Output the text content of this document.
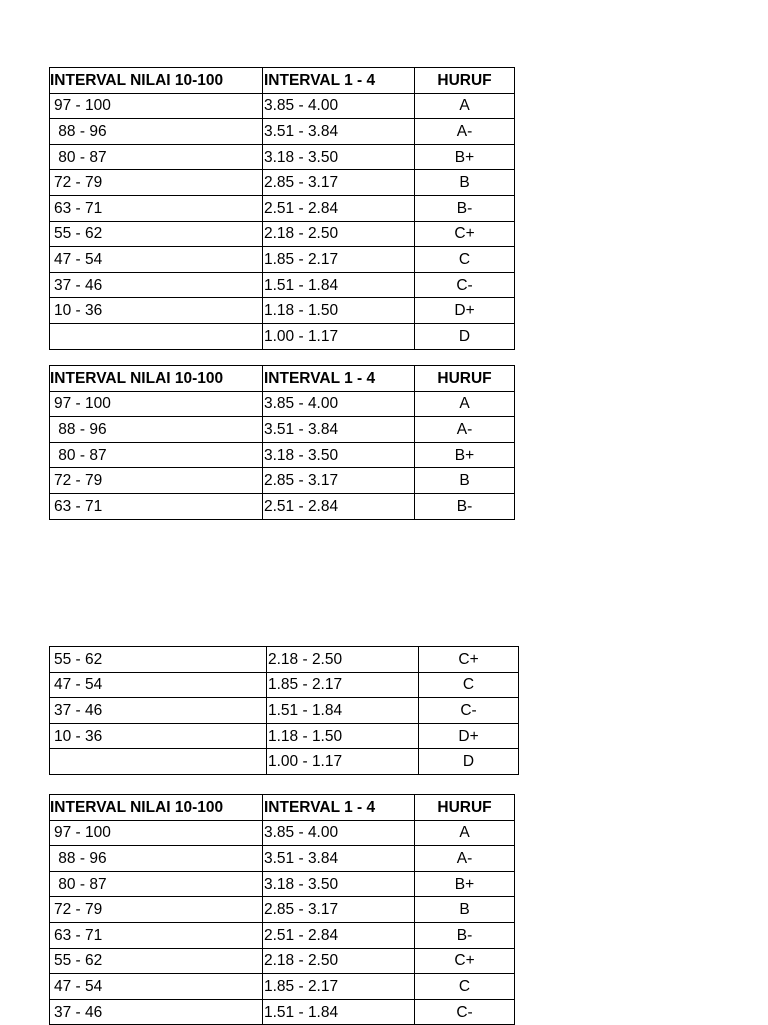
INTERVAL NILAI 10-100	INTERVAL 1 - 4	HURUF
97 - 100	3.85 - 4.00	A
88 - 96	3.51 - 3.84	A-
80 - 87	3.18 - 3.50	B+
72 - 79	2.85 - 3.17	B
63 - 71	2.51 - 2.84	B-
55 - 62	2.18 - 2.50	C+
47 - 54	1.85 - 2.17	C
37 - 46	1.51 - 1.84	C-
10 - 36	1.18 - 1.50	D+
	1.00 - 1.17	D
INTERVAL NILAI 10-100	INTERVAL 1 - 4	HURUF
97 - 100	3.85 - 4.00	A
88 - 96	3.51 - 3.84	A-
80 - 87	3.18 - 3.50	B+
72 - 79	2.85 - 3.17	B
63 - 71	2.51 - 2.84	B-
55 - 62	2.18 - 2.50	C+
47 - 54	1.85 - 2.17	C
37 - 46	1.51 - 1.84	C-
10 - 36	1.18 - 1.50	D+
	1.00 - 1.17	D
INTERVAL NILAI 10-100	INTERVAL 1 - 4	HURUF
97 - 100	3.85 - 4.00	A
88 - 96	3.51 - 3.84	A-
80 - 87	3.18 - 3.50	B+
72 - 79	2.85 - 3.17	B
63 - 71	2.51 - 2.84	B-
55 - 62	2.18 - 2.50	C+
47 - 54	1.85 - 2.17	C
37 - 46	1.51 - 1.84	C-
